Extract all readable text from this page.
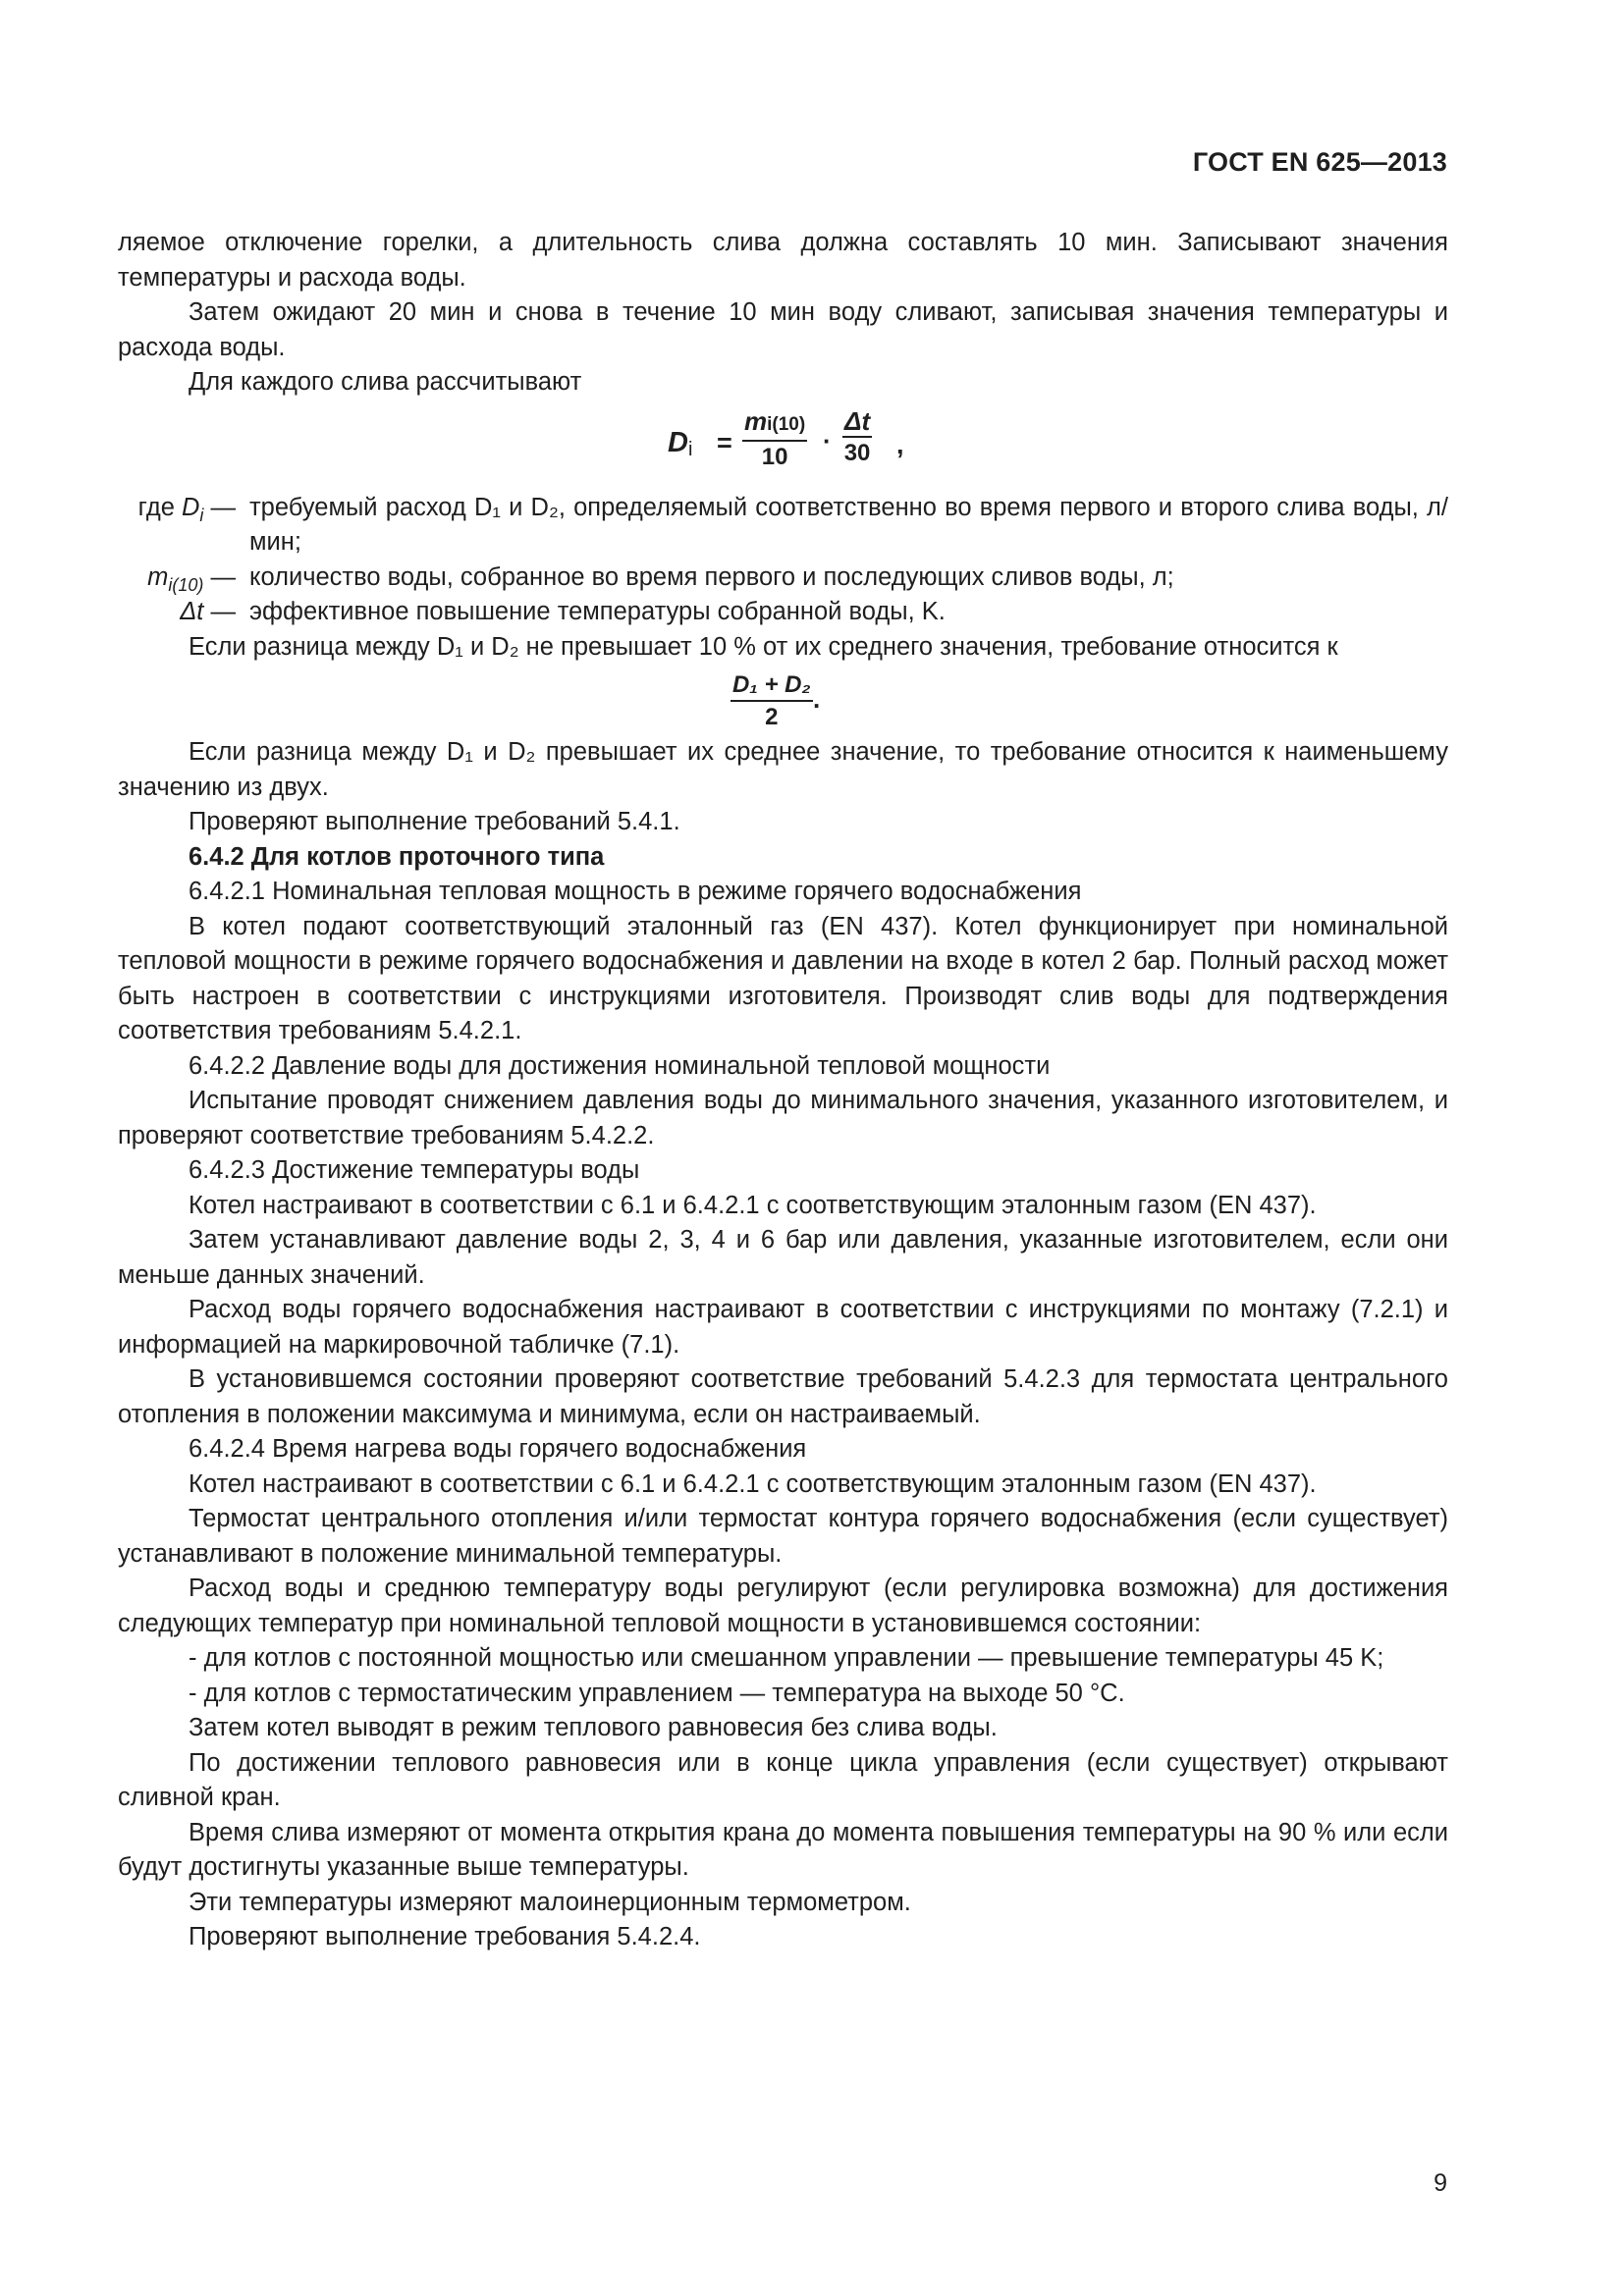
ГОСТ EN 625—2013

ляемое отключение горелки, а длительность слива должна составлять 10 мин. Записывают значения температуры и расхода воды.

Затем ожидают 20 мин и снова в течение 10 мин воду сливают, записывая значения температуры и расхода воды.

Для каждого слива рассчитывают

$D_i = \frac{mi(10)}{10} \cdot \frac{\Delta t}{30}$ ,
где $D_i$ — требуемый расход D₁ и D₂, определяемый соответственно во время первого и второго слива воды, л/мин;
$m_{i(10)}$ — количество воды, собранное во время первого и последующих сливов воды, л;
Δt — эффективное повышение температуры собранной воды, K.

Если разница между D₁ и D₂ не превышает 10 % от их среднего значения, требование относится к

$\frac{\text{D₁ + D₂}}{2}$ .

Если разница между D₁ и D₂ превышает их среднее значение, то требование относится к наименьшему значению из двух.

Проверяют выполнение требований 5.4.1.

6.4.2 Для котлов проточного типа

6.4.2.1 Номинальная тепловая мощность в режиме горячего водоснабжения

В котел подают соответствующий эталонный газ (EN 437). Котел функционирует при номинальной тепловой мощности в режиме горячего водоснабжения и давлении на входе в котел 2 бар. Полный расход может быть настроен в соответствии с инструкциями изготовителя. Производят слив воды для подтверждения соответствия требованиям 5.4.2.1.

6.4.2.2 Давление воды для достижения номинальной тепловой мощности

Испытание проводят снижением давления воды до минимального значения, указанного изготовителем, и проверяют соответствие требованиям 5.4.2.2.

6.4.2.3 Достижение температуры воды

Котел настраивают в соответствии с 6.1 и 6.4.2.1 с соответствующим эталонным газом (EN 437).

Затем устанавливают давление воды 2, 3, 4 и 6 бар или давления, указанные изготовителем, если они меньше данных значений.

Расход воды горячего водоснабжения настраивают в соответствии с инструкциями по монтажу (7.2.1) и информацией на маркировочной табличке (7.1).

В установившемся состоянии проверяют соответствие требований 5.4.2.3 для термостата центрального отопления в положении максимума и минимума, если он настраиваемый.

6.4.2.4 Время нагрева воды горячего водоснабжения

Котел настраивают в соответствии с 6.1 и 6.4.2.1 с соответствующим эталонным газом (EN 437).

Термостат центрального отопления и/или термостат контура горячего водоснабжения (если существует) устанавливают в положение минимальной температуры.

Расход воды и среднюю температуру воды регулируют (если регулировка возможна) для достижения следующих температур при номинальной тепловой мощности в установившемся состоянии:

- для котлов с постоянной мощностью или смешанном управлении — превышение температуры 45 K;

- для котлов с термостатическим управлением — температура на выходе 50 °C.

Затем котел выводят в режим теплового равновесия без слива воды.

По достижении теплового равновесия или в конце цикла управления (если существует) открывают сливной кран.

Время слива измеряют от момента открытия крана до момента повышения температуры на 90 % или если будут достигнуты указанные выше температуры.

Эти температуры измеряют малоинерционным термометром.

Проверяют выполнение требования 5.4.2.4.

9
